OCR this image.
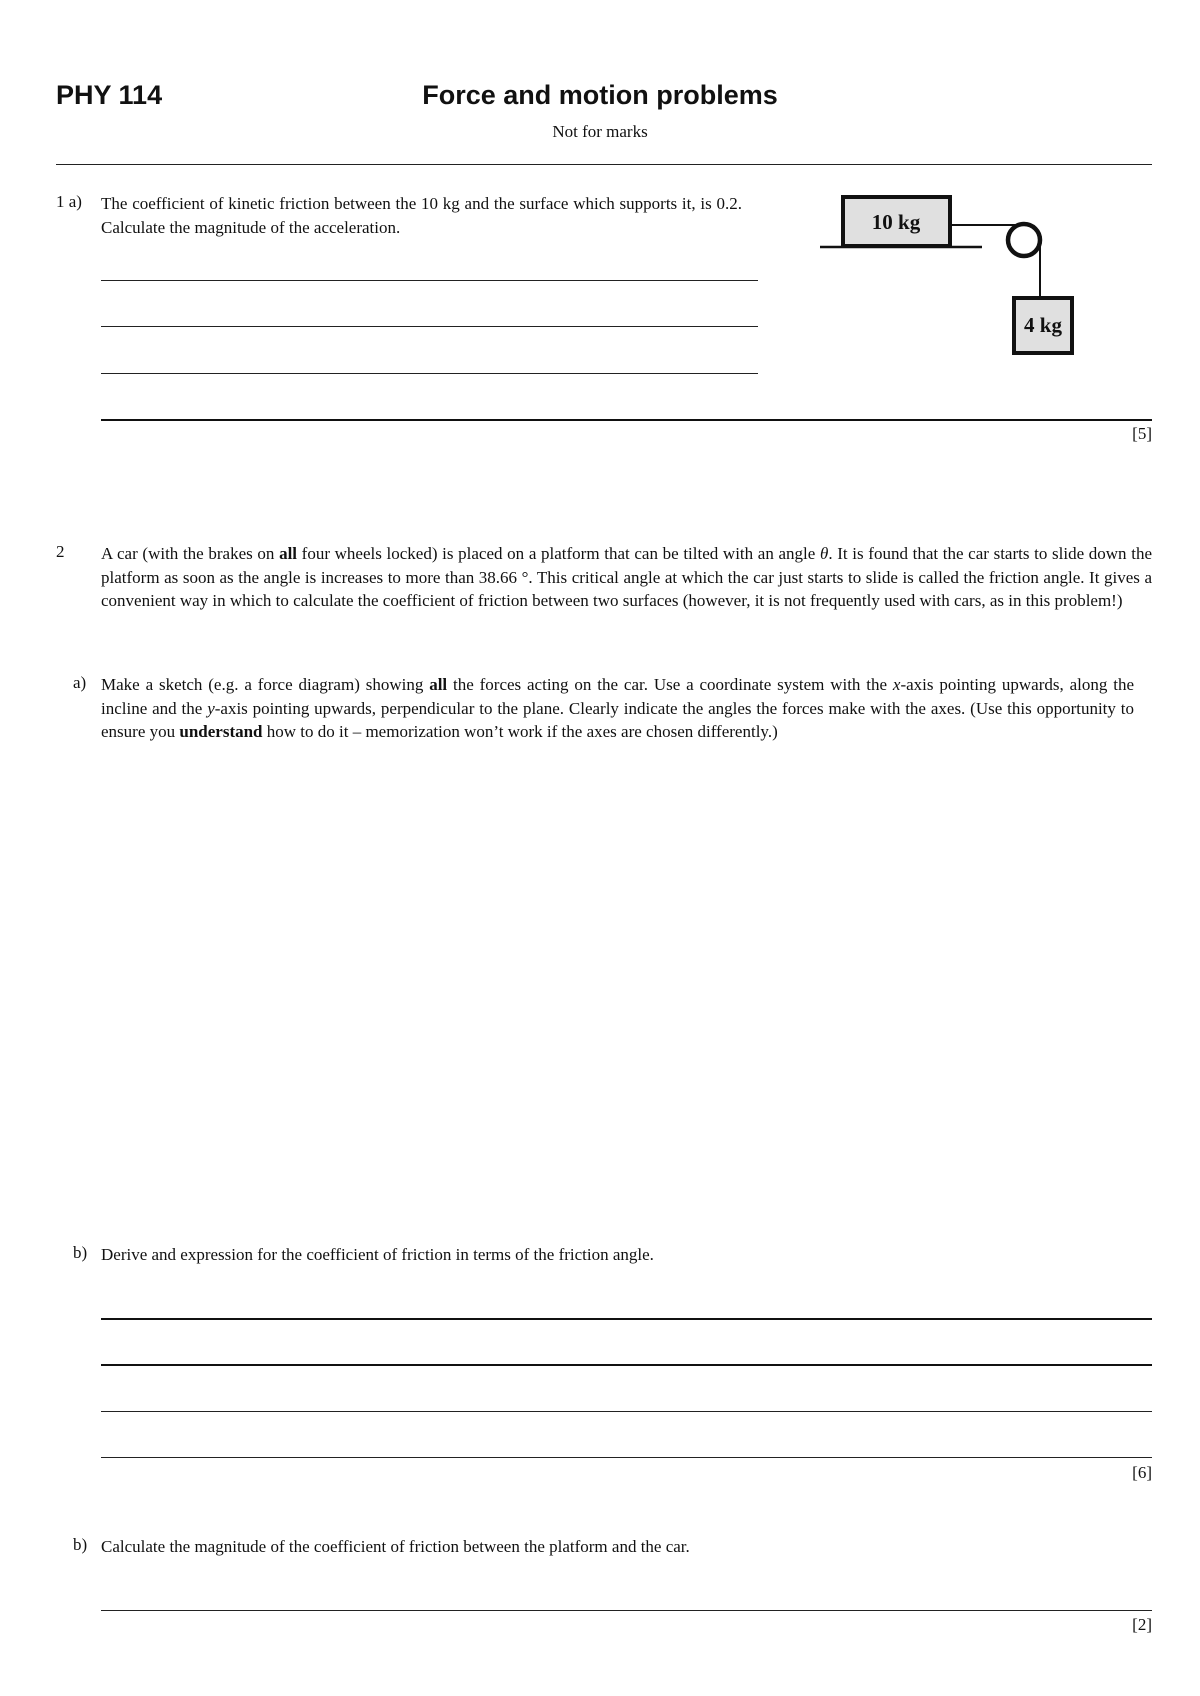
PHY 114	Force and motion problems
Not for marks
1 a) The coefficient of kinetic friction between the 10 kg and the surface which supports it, is 0.2. Calculate the magnitude of the acceleration.
[5]
10 kg
4 kg
2 A car (with the brakes on all four wheels locked) is placed on a platform that can be tilted with an angle θ. It is found that the car starts to slide down the platform as soon as the angle is increases to more than 38.66 °. This critical angle at which the car just starts to slide is called the friction angle. It gives a convenient way in which to calculate the coefficient of friction between two surfaces (however, it is not frequently used with cars, as in this problem!)
a) Make a sketch (e.g. a force diagram) showing all the forces acting on the car. Use a coordinate system with the x-axis pointing upwards, along the incline and the y-axis pointing upwards, perpendicular to the plane. Clearly indicate the angles the forces make with the axes. (Use this opportunity to ensure you understand how to do it – memorization won’t work if the axes are chosen differently.)
b) Derive and expression for the coefficient of friction in terms of the friction angle.
[6]
b) Calculate the magnitude of the coefficient of friction between the platform and the car.
[2]
